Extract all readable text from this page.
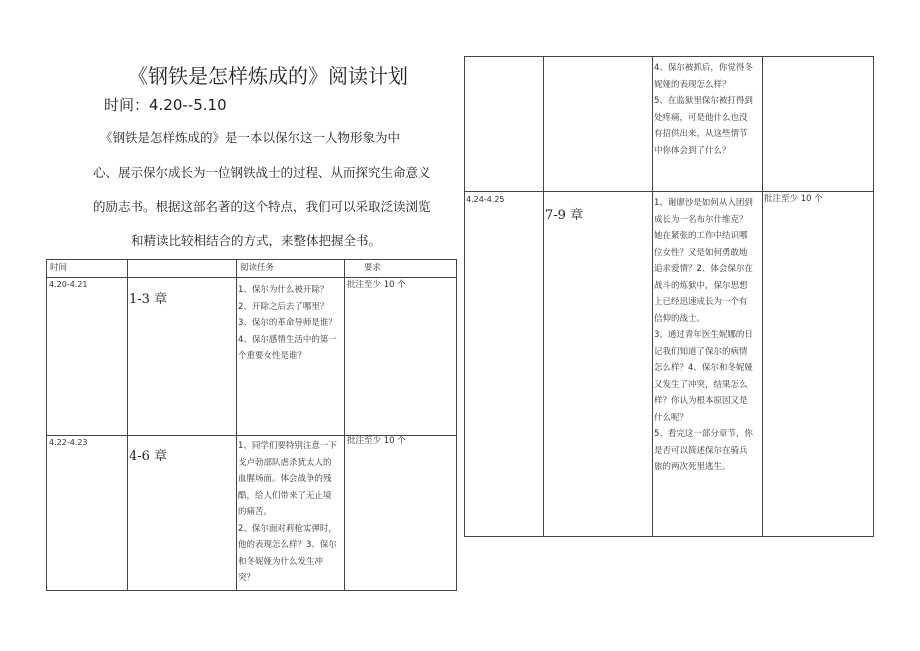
《钢铁是怎样炼成的》阅读计划
时间：4.20--5.10
《钢铁是怎样炼成的》是一本以保尔这一人物形象为中
心、展示保尔成长为一位钢铁战士的过程、从而探究生命意义
的励志书。根据这部名著的这个特点，我们可以采取泛读浏览
和精读比较相结合的方式，来整体把握全书。
时间	阅读任务	要求
4.20-4.21
1-3 章
1、保尔为什么被开除？
2、开除之后去了哪里？
3、保尔的革命导师是谁？
4、保尔感情生活中的第一
个重要女性是谁？
批注至少 10 个
4.22-4.23
4-6 章
1、同学们要特别注意一下
戈卢勃部队虐杀犹太人的
血腥场面。体会战争的残
酷，给人们带来了无止境
的痛苦。
2、保尔面对莉枪实弹时，
他的表现怎么样？3、保尔
和冬妮娅为什么发生冲
突？
批注至少 10 个
4、保尔被抓后，你觉得冬
妮娅的表现怎么样？
5、在监狱里保尔被打得到
处疼痛，可是他什么也没
有招供出来，从这些情节
中你体会到了什么？
4.24-4.25
7-9 章
1、谢廖沙是如何从入团到
成长为一名布尔什维克？
她在紧张的工作中结识哪
位女性？又是如何勇敢地
追求爱情？2、体会保尔在
战斗的炼狱中，保尔思想
上已经迅速成长为一个有
信仰的战士。
3、通过青年医生妮娜的日
记我们知道了保尔的病情
怎么样？4、保尔和冬妮娅
又发生了冲突，结果怎么
样？你认为根本原因又是
什么呢？
5、看完这一部分章节，你
是否可以简述保尔在骑兵
旅的两次死里逃生。
批注至少 10 个
